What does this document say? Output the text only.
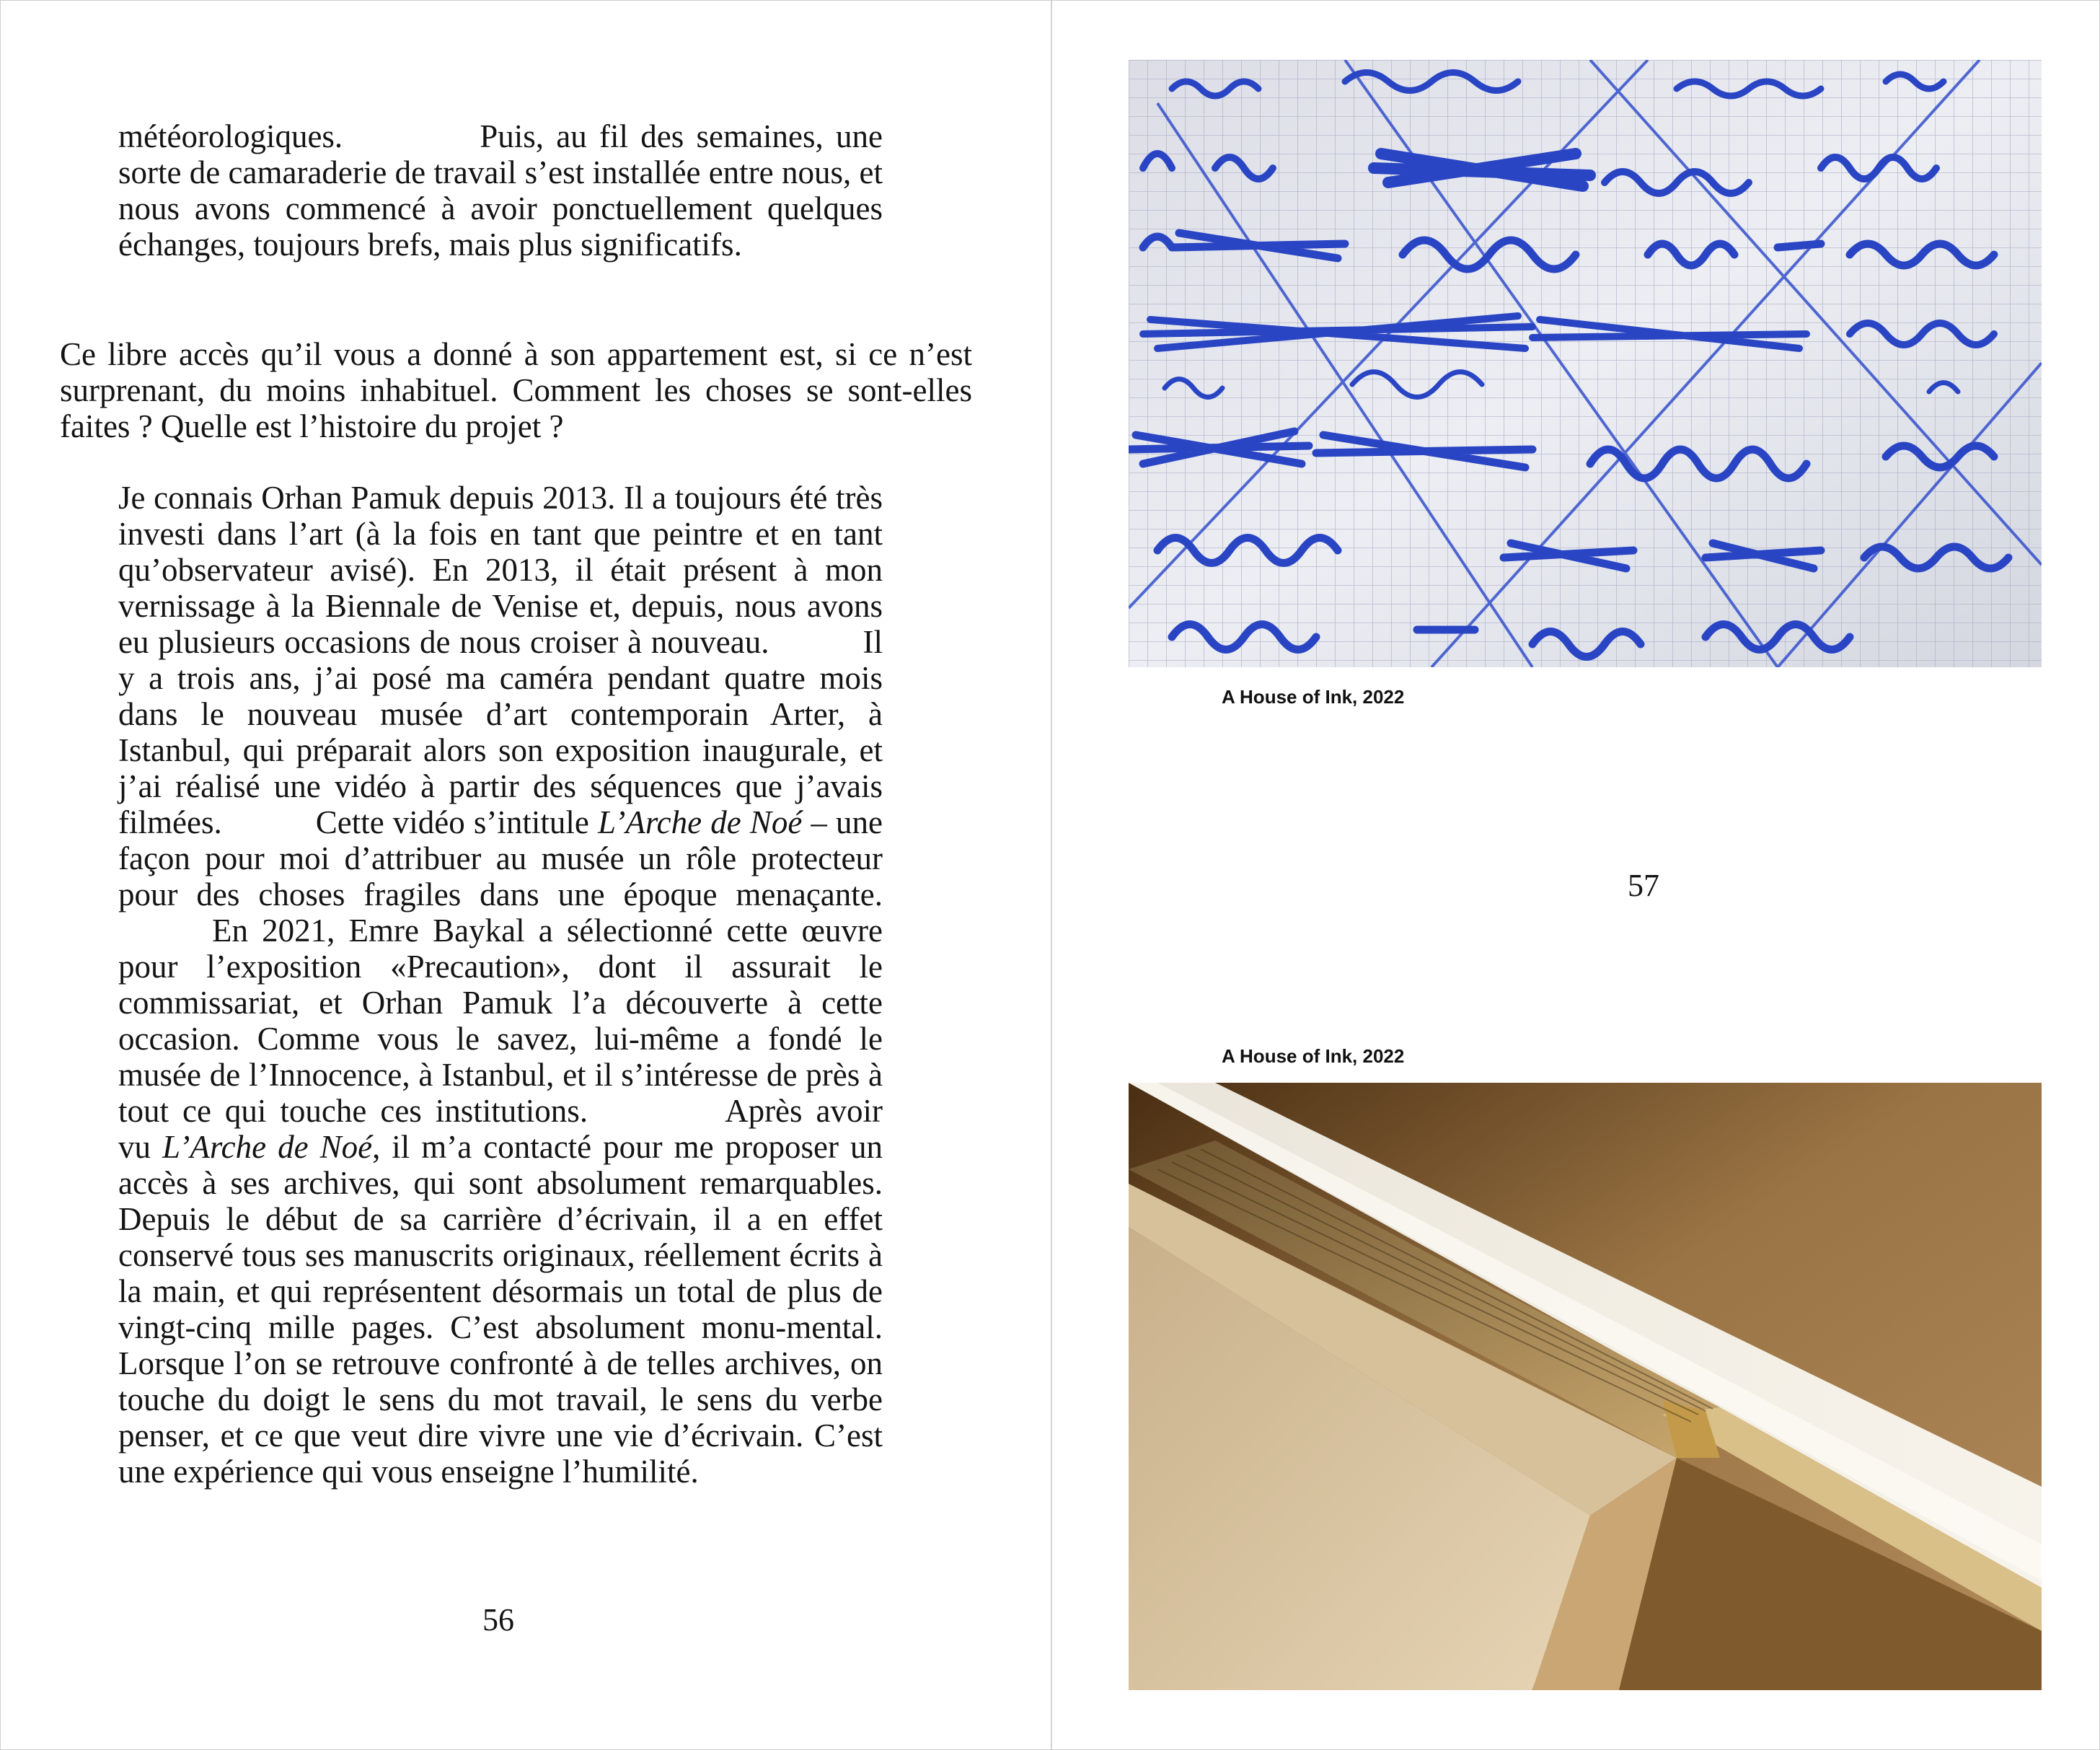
météorologiques.	Puis, au fil des semaines, une sorte de camaraderie de travail s’est installée entre nous, et nous avons commencé à avoir ponctuellement quelques échanges, toujours brefs, mais plus significatifs.

Ce libre accès qu’il vous a donné à son appartement est, si ce n’est surprenant, du moins inhabituel. Comment les choses se sont-elles faites ? Quelle est l’histoire du projet ?

Je connais Orhan Pamuk depuis 2013. Il a toujours été très investi dans l’art (à la fois en tant que peintre et en tant qu’observateur avisé). En 2013, il était présent à mon vernissage à la Biennale de Venise et, depuis, nous avons eu plusieurs occasions de nous croiser à nouveau.	Il y a trois ans, j’ai posé ma caméra pendant quatre mois dans le nouveau musée d’art contemporain Arter, à Istanbul, qui préparait alors son exposition inaugurale, et j’ai réalisé une vidéo à partir des séquences que j’avais filmées.	Cette vidéo s’intitule L’Arche de Noé – une façon pour moi d’attribuer au musée un rôle protecteur pour des choses fragiles dans une époque menaçante.En 2021, Emre Baykal a sélectionné cette œuvre pour l’exposition «Precaution», dont il assurait le commissariat, et Orhan Pamuk l’a découverte à cette occasion. Comme vous le savez, lui-même a fondé le musée de l’Innocence, à Istanbul, et il s’intéresse de près à tout ce qui touche ces institutions.	Après avoir vu L’Arche de Noé, il m’a contacté pour me proposer un accès à ses archives, qui sont absolument remarquables. Depuis le début de sa carrière d’écrivain, il a en effet conservé tous ses manuscrits originaux, réellement écrits à la main, et qui représentent désormais un total de plus de vingt-cinq mille pages. C’est absolument monu-mental. Lorsque l’on se retrouve confronté à de telles archives, on touche du doigt le sens du mot travail, le sens du verbe penser, et ce que veut dire vivre une vie d’écrivain. C’est une expérience qui vous enseigne l’humilité.

56
A House of Ink, 2022
57
A House of Ink, 2022
